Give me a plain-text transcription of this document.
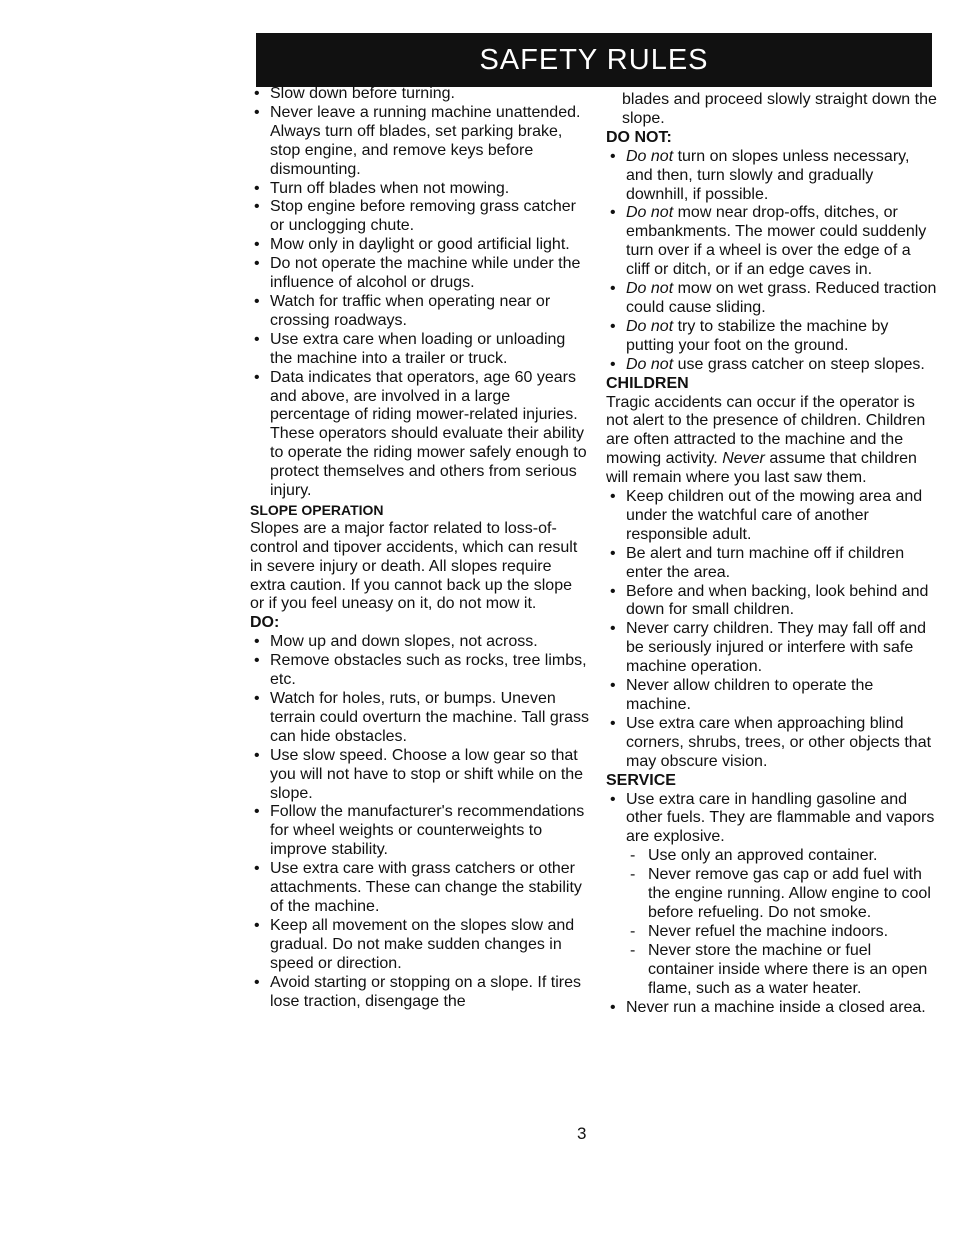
SAFETY RULES
• Slow down before turning.
• Never leave a running machine unattended. Always turn off blades, set parking brake, stop engine, and remove keys before dismounting.
• Turn off blades when not mowing.
• Stop engine before removing grass catcher or unclogging chute.
• Mow only in daylight or good artificial light.
• Do not operate the machine while under the influence of alcohol or drugs.
• Watch for traffic when operating near or crossing roadways.
• Use extra care when loading or unloading the machine into a trailer or truck.
• Data indicates that operators, age 60 years and above, are involved in a large percentage of riding mower-related injuries. These operators should evaluate their ability to operate the riding mower safely enough to protect themselves and others from serious injury.
SLOPE OPERATION

Slopes are a major factor related to loss-of-control and tipover accidents, which can result in severe injury or death. All slopes require extra caution. If you cannot back up the slope or if you feel uneasy on it, do not mow it.

DO:
• Mow up and down slopes, not across.
• Remove obstacles such as rocks, tree limbs, etc.
• Watch for holes, ruts, or bumps. Uneven terrain could overturn the machine. Tall grass can hide obstacles.
• Use slow speed. Choose a low gear so that you will not have to stop or shift while on the slope.
• Follow the manufacturer's recommendations for wheel weights or counterweights to improve stability.
• Use extra care with grass catchers or other attachments. These can change the stability of the machine.
• Keep all movement on the slopes slow and gradual. Do not make sudden changes in speed or direction.
• Avoid starting or stopping on a slope. If tires lose traction, disengage the

blades and proceed slowly straight down the slope.

DO NOT:
• Do not turn on slopes unless necessary, and then, turn slowly and gradually downhill, if possible.
• Do not mow near drop-offs, ditches, or embankments. The mower could suddenly turn over if a wheel is over the edge of a cliff or ditch, or if an edge caves in.
• Do not mow on wet grass. Reduced traction could cause sliding.
• Do not try to stabilize the machine by putting your foot on the ground.
• Do not use grass catcher on steep slopes.
CHILDREN

Tragic accidents can occur if the operator is not alert to the presence of children. Children are often attracted to the machine and the mowing activity. Never assume that children will remain where you last saw them.

• Keep children out of the mowing area and under the watchful care of another responsible adult.
• Be alert and turn machine off if children enter the area.
• Before and when backing, look behind and down for small children.
• Never carry children. They may fall off and be seriously injured or interfere with safe machine operation.
• Never allow children to operate the machine.
• Use extra care when approaching blind corners, shrubs, trees, or other objects that may obscure vision.
SERVICE
• Use extra care in handling gasoline and other fuels. They are flammable and vapors are explosive.
- Use only an approved container.
- Never remove gas cap or add fuel with the engine running. Allow engine to cool before refueling. Do not smoke.
- Never refuel the machine indoors.
- Never store the machine or fuel container inside where there is an open flame, such as a water heater.
• Never run a machine inside a closed area.
3
